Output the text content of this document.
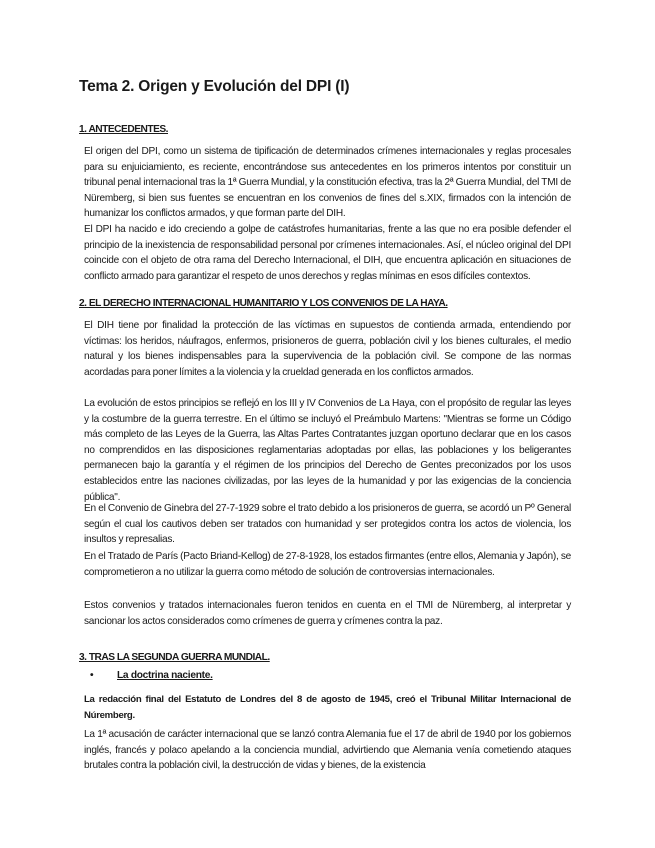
Tema 2. Origen y Evolución del DPI (I)
1. ANTECEDENTES.
El origen del DPI, como un sistema de tipificación de determinados crímenes internacionales y reglas procesales para su enjuiciamiento, es reciente, encontrándose sus antecedentes en los primeros intentos por constituir un tribunal penal internacional tras la 1ª Guerra Mundial, y la constitución efectiva, tras la 2ª Guerra Mundial, del TMI de Nüremberg, si bien sus fuentes se encuentran en los convenios de fines del s.XIX, firmados con la intención de humanizar los conflictos armados, y que forman parte del DIH.
El DPI ha nacido e ido creciendo a golpe de catástrofes humanitarias, frente a las que no era posible defender el principio de la inexistencia de responsabilidad personal por crímenes internacionales. Así, el núcleo original del DPI coincide con el objeto de otra rama del Derecho Internacional, el DIH, que encuentra aplicación en situaciones de conflicto armado para garantizar el respeto de unos derechos y reglas mínimas en esos difíciles contextos.
2. EL DERECHO INTERNACIONAL HUMANITARIO Y LOS CONVENIOS DE LA HAYA.
El DIH tiene por finalidad la protección de las víctimas en supuestos de contienda armada, entendiendo por víctimas: los heridos, náufragos, enfermos, prisioneros de guerra, población civil y los bienes culturales, el medio natural y los bienes indispensables para la supervivencia de la población civil. Se compone de las normas acordadas para poner límites a la violencia y la crueldad generada en los conflictos armados.
La evolución de estos principios se reflejó en los III y IV Convenios de La Haya, con el propósito de regular las leyes y la costumbre de la guerra terrestre. En el último se incluyó el Preámbulo Martens: "Mientras se forme un Código más completo de las Leyes de la Guerra, las Altas Partes Contratantes juzgan oportuno declarar que en los casos no comprendidos en las disposiciones reglamentarias adoptadas por ellas, las poblaciones y los beligerantes permanecen bajo la garantía y el régimen de los principios del Derecho de Gentes preconizados por los usos establecidos entre las naciones civilizadas, por las leyes de la humanidad y por las exigencias de la conciencia pública".
En el Convenio de Ginebra del 27-7-1929 sobre el trato debido a los prisioneros de guerra, se acordó un Pº General según el cual los cautivos deben ser tratados con humanidad y ser protegidos contra los actos de violencia, los insultos y represalias.
En el Tratado de París (Pacto Briand-Kellog) de 27-8-1928, los estados firmantes (entre ellos, Alemania y Japón), se comprometieron a no utilizar la guerra como método de solución de controversias internacionales.
Estos convenios y tratados internacionales fueron tenidos en cuenta en el TMI de Nüremberg, al interpretar y sancionar los actos considerados como crímenes de guerra y crímenes contra la paz.
3. TRAS LA SEGUNDA GUERRA MUNDIAL.
• La doctrina naciente.
La redacción final del Estatuto de Londres del 8 de agosto de 1945, creó el Tribunal Militar Internacional de Núremberg.
La 1ª acusación de carácter internacional que se lanzó contra Alemania fue el 17 de abril de 1940 por los gobiernos inglés, francés y polaco apelando a la conciencia mundial, advirtiendo que Alemania venía cometiendo ataques brutales contra la población civil, la destrucción de vidas y bienes, de la existencia
